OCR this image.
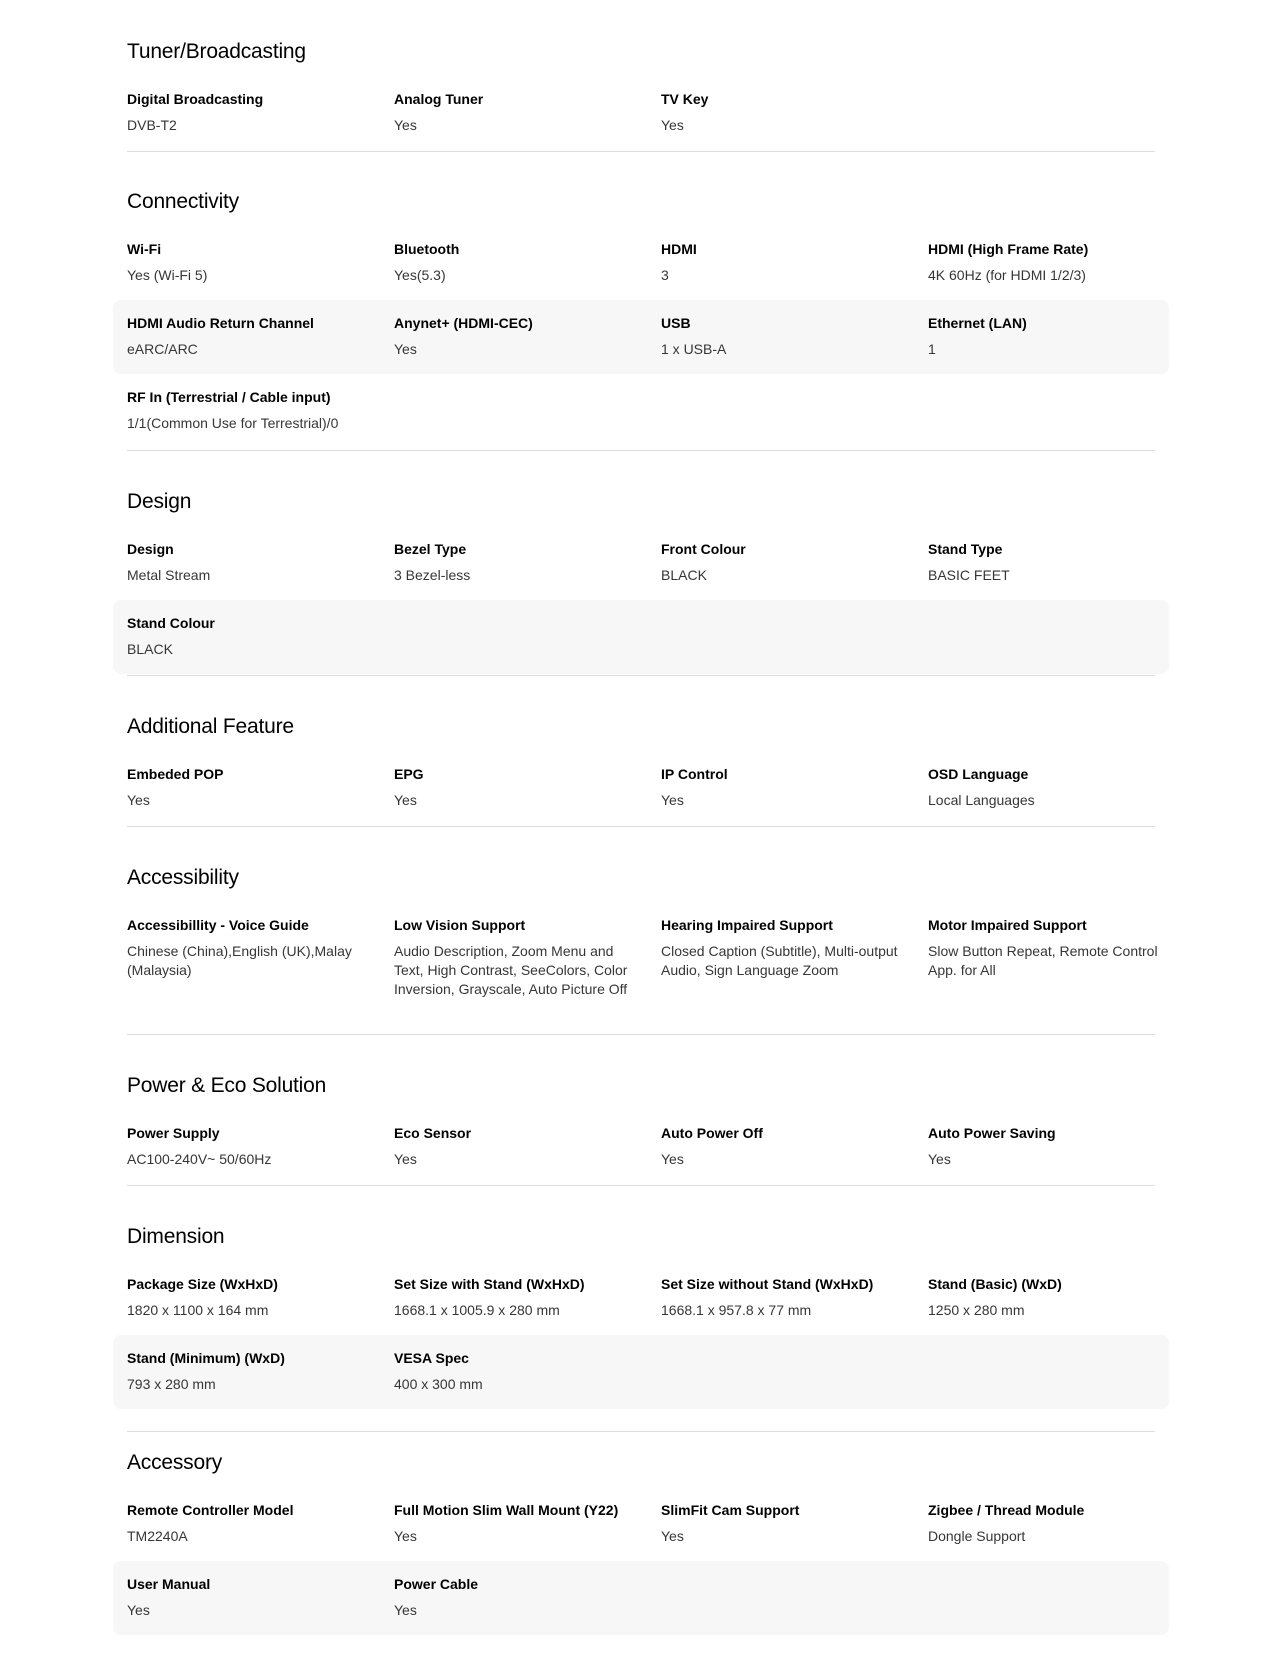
Tuner/Broadcasting
Digital Broadcasting
DVB-T2
Analog Tuner
Yes
TV Key
Yes
Connectivity
Wi-Fi
Yes (Wi-Fi 5)
Bluetooth
Yes(5.3)
HDMI
3
HDMI (High Frame Rate)
4K 60Hz (for HDMI 1/2/3)
HDMI Audio Return Channel
eARC/ARC
Anynet+ (HDMI-CEC)
Yes
USB
1 x USB-A
Ethernet (LAN)
1
RF In (Terrestrial / Cable input)
1/1(Common Use for Terrestrial)/0
Design
Design
Metal Stream
Bezel Type
3 Bezel-less
Front Colour
BLACK
Stand Type
BASIC FEET
Stand Colour
BLACK
Additional Feature
Embeded POP
Yes
EPG
Yes
IP Control
Yes
OSD Language
Local Languages
Accessibility
Accessibillity - Voice Guide
Chinese (China),English (UK),Malay (Malaysia)
Low Vision Support
Audio Description, Zoom Menu and Text, High Contrast, SeeColors, Color Inversion, Grayscale, Auto Picture Off
Hearing Impaired Support
Closed Caption (Subtitle), Multi-output Audio, Sign Language Zoom
Motor Impaired Support
Slow Button Repeat, Remote Control App. for All
Power & Eco Solution
Power Supply
AC100-240V~ 50/60Hz
Eco Sensor
Yes
Auto Power Off
Yes
Auto Power Saving
Yes
Dimension
Package Size (WxHxD)
1820 x 1100 x 164 mm
Set Size with Stand (WxHxD)
1668.1 x 1005.9 x 280 mm
Set Size without Stand (WxHxD)
1668.1 x 957.8 x 77 mm
Stand (Basic) (WxD)
1250 x 280 mm
Stand (Minimum) (WxD)
793 x 280 mm
VESA Spec
400 x 300 mm
Accessory
Remote Controller Model
TM2240A
Full Motion Slim Wall Mount (Y22)
Yes
SlimFit Cam Support
Yes
Zigbee / Thread Module
Dongle Support
User Manual
Yes
Power Cable
Yes
